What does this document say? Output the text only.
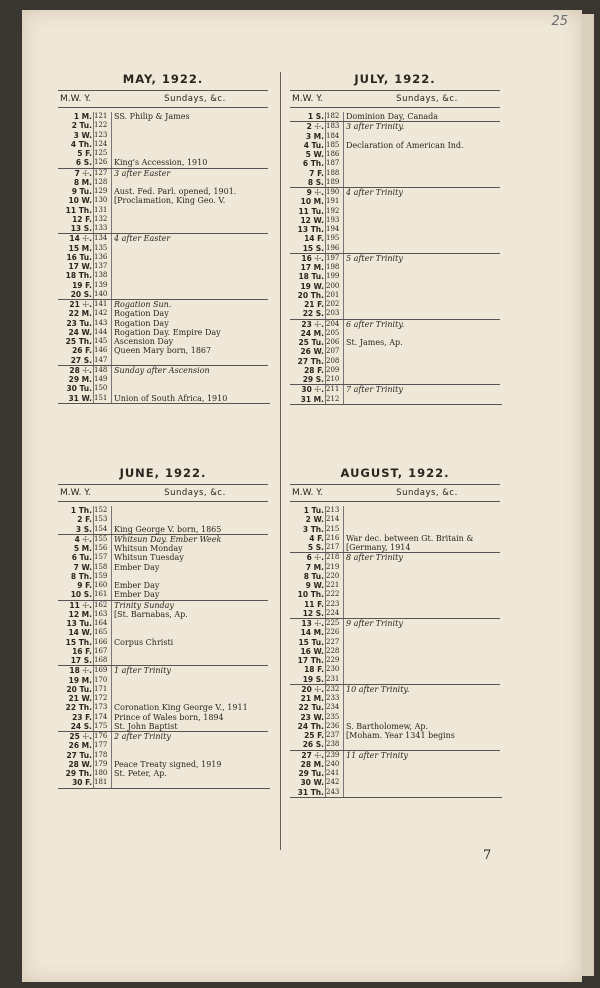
25
MAY, 1922.
M.W. Y.	Sundays, &c.
1 M. 121 SS. Philip & James
2 Tu. 122
3 W. 123
4 Th. 124
5 F. 125
6 S. 126 King's Accession, 1910
7 ☩. 127 3 after Easter
8 M. 128
9 Tu. 129 Aust. Fed. Parl. opened, 1901.
10 W. 130 [Proclamation, King Geo. V.
11 Th. 131
12 F. 132
13 S. 133
14 ☩. 134 4 after Easter
15 M. 135
16 Tu. 136
17 W. 137
18 Th. 138
19 F. 139
20 S. 140
21 ☩. 141 Rogation Sun.
22 M. 142 Rogation Day
23 Tu. 143 Rogation Day
24 W. 144 Rogation Day. Empire Day
25 Th. 145 Ascension Day
26 F. 146 Queen Mary born, 1867
27 S. 147
28 ☩. 148 Sunday after Ascension
29 M. 149
30 Tu. 150
31 W. 151 Union of South Africa, 1910
JUNE, 1922.
M.W. Y.	Sundays, &c.
1 Th. 152
2 F. 153
3 S. 154 King George V. born, 1865
4 ☩. 155 Whitsun Day. Ember Week
5 M. 156 Whitsun Monday
6 Tu. 157 Whitsun Tuesday
7 W. 158 Ember Day
8 Th. 159
9 F. 160 Ember Day
10 S. 161 Ember Day
11 ☩. 162 Trinity Sunday
12 M. 163 [St. Barnabas, Ap.
13 Tu. 164
14 W. 165
15 Th. 166 Corpus Christi
16 F. 167
17 S. 168
18 ☩. 169 1 after Trinity
19 M. 170
20 Tu. 171
21 W. 172
22 Th. 173 Coronation King George V., 1911
23 F. 174 Prince of Wales born, 1894
24 S. 175 St. John Baptist
25 ☩. 176 2 after Trinity
26 M. 177
27 Tu. 178
28 W. 179 Peace Treaty signed, 1919
29 Th. 180 St. Peter, Ap.
30 F. 181
JULY, 1922.
M.W. Y.	Sundays, &c.
1 S. 182 Dominion Day, Canada
2 ☩. 183 3 after Trinity.
3 M. 184
4 Tu. 185 Declaration of American Ind.
5 W. 186
6 Th. 187
7 F. 188
8 S. 189
9 ☩. 190 4 after Trinity
10 M. 191
11 Tu. 192
12 W. 193
13 Th. 194
14 F. 195
15 S. 196
16 ☩. 197 5 after Trinity
17 M. 198
18 Tu. 199
19 W. 200
20 Th. 201
21 F. 202
22 S. 203
23 ☩. 204 6 after Trinity.
24 M. 205
25 Tu. 206 St. James, Ap.
26 W. 207
27 Th. 208
28 F. 209
29 S. 210
30 ☩. 211 7 after Trinity
31 M. 212
AUGUST, 1922.
M.W. Y.	Sundays, &c.
1 Tu. 213
2 W. 214
3 Th. 215
4 F. 216 War dec. between Gt. Britain &
5 S. 217 [Germany, 1914
6 ☩. 218 8 after Trinity
7 M. 219
8 Tu. 220
9 W. 221
10 Th. 222
11 F. 223
12 S. 224
13 ☩. 225 9 after Trinity
14 M. 226
15 Tu. 227
16 W. 228
17 Th. 229
18 F. 230
19 S. 231
20 ☩. 232 10 after Trinity.
21 M. 233
22 Tu. 234
23 W. 235
24 Th. 236 S. Bartholomew, Ap.
25 F. 237 [Moham. Year 1341 begins
26 S. 238
27 ☩. 239 11 after Trinity
28 M. 240
29 Tu. 241
30 W. 242
31 Th. 243
7
